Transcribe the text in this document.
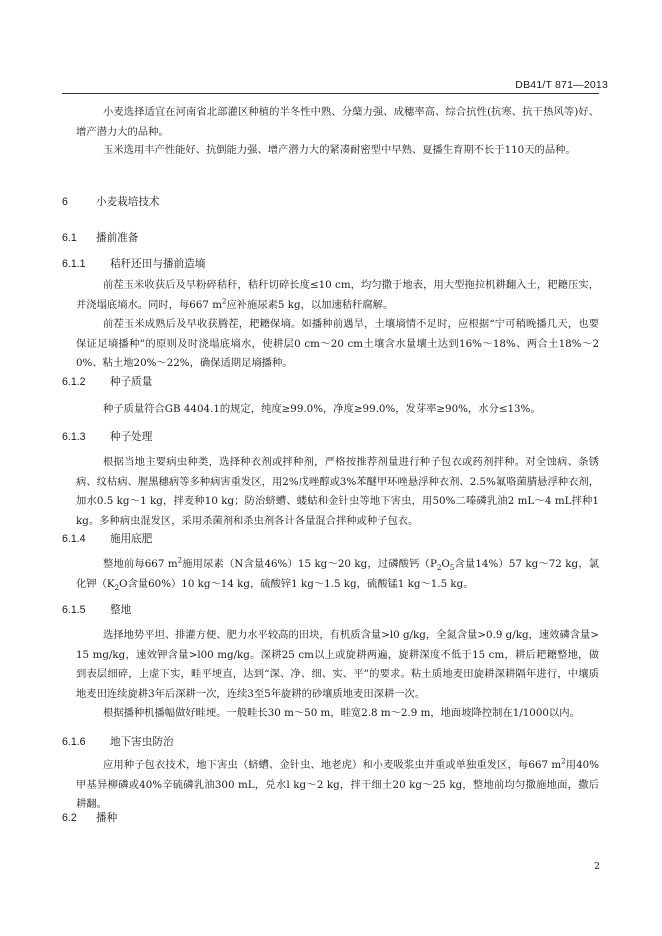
DB41/T 871—2013

小麦选择适宜在河南省北部灌区种植的半冬性中熟、分蘖力强、成穗率高、综合抗性(抗寒、抗干热风等)好、增产潜力大的品种。

玉米选用丰产性能好、抗倒能力强、增产潜力大的紧凑耐密型中早熟、夏播生育期不长于110天的品种。

6	小麦栽培技术
6.1 播前准备
6.1.1 秸秆还田与播前造墒

前茬玉米收获后及早粉碎秸秆，秸秆切碎长度≤10 cm，均匀撒于地表，用大型拖拉机耕翻入土，耙耱压实，并浇塌底墒水。同时，每667 $m^2$应补施尿素5 kg，以加速秸秆腐解。

前茬玉米成熟后及早收获腾茬，耙耱保墒。如播种前遇旱，土壤墒情不足时，应根据“宁可稍晚播几天，也要保证足墒播种”的原则及时浇塌底墒水，使耕层0 cm～20 cm土壤含水量壤土达到16%～18%、两合土18%～20%、粘土地20%～22%，确保适期足墒播种。

6.1.2 种子质量

种子质量符合GB 4404.1的规定，纯度≥99.0%，净度≥99.0%，发芽率≥90%，水分≤13%。

6.1.3 种子处理

根据当地主要病虫种类，选择种衣剂或拌种剂，严格按推荐剂量进行种子包衣或药剂拌种。对全蚀病、条锈病、纹枯病、腥黑穗病等多种病害重发区，用2%戊唑醇或3%苯醚甲环唑悬浮种衣剂、2.5%氟咯菌腈悬浮种衣剂，加水0.5 kg～1 kg，拌麦种10 kg；防治蛴螬、蝼蛄和金针虫等地下害虫，用50%二嗪磷乳油2 mL～4 mL拌种1 kg。多种病虫混发区，采用杀菌剂和杀虫剂各计各量混合拌种或种子包衣。

6.1.4 施用底肥

整地前每667 $m^2$施用尿素（N含量46%）15 kg～20 kg，过磷酸钙（$P_2O_5$含量14%）57 kg～72 kg，氯化钾（$K_2O$含量60%）10 kg～14 kg，硫酸锌1 kg～1.5 kg，硫酸锰1 kg～1.5 kg。

6.1.5 整地

选择地势平坦、排灌方便、肥力水平较高的田块，有机质含量>l0 g/kg，全氮含量>0.9 g/kg，速效磷含量>15 mg/kg，速效钾含量>l00 mg/kg。深耕25 cm以上或旋耕两遍，旋耕深度不低于15 cm，耕后耙耱整地，做到表层细碎，上虚下实，畦平埂直，达到“深、净、细、实、平”的要求。粘土质地麦田旋耕深耕隔年进行，中壤质地麦田连续旋耕3年后深耕一次，连续3至5年旋耕的砂壤质地麦田深耕一次。

根据播种机播幅做好畦埂。一般畦长30 m～50 m，畦宽2.8 m～2.9 m，地面坡降控制在1/1000以内。

6.1.6 地下害虫防治

应用种子包衣技术，地下害虫（蛴螬、金针虫、地老虎）和小麦吸浆虫并重或单独重发区，每667 $m^2$用40%甲基异柳磷或40%辛硫磷乳油300 mL，兑水l kg～2 kg，拌干细土20 kg～25 kg，整地前均匀撒施地面，撒后耕翻。

6.2 播种
2
